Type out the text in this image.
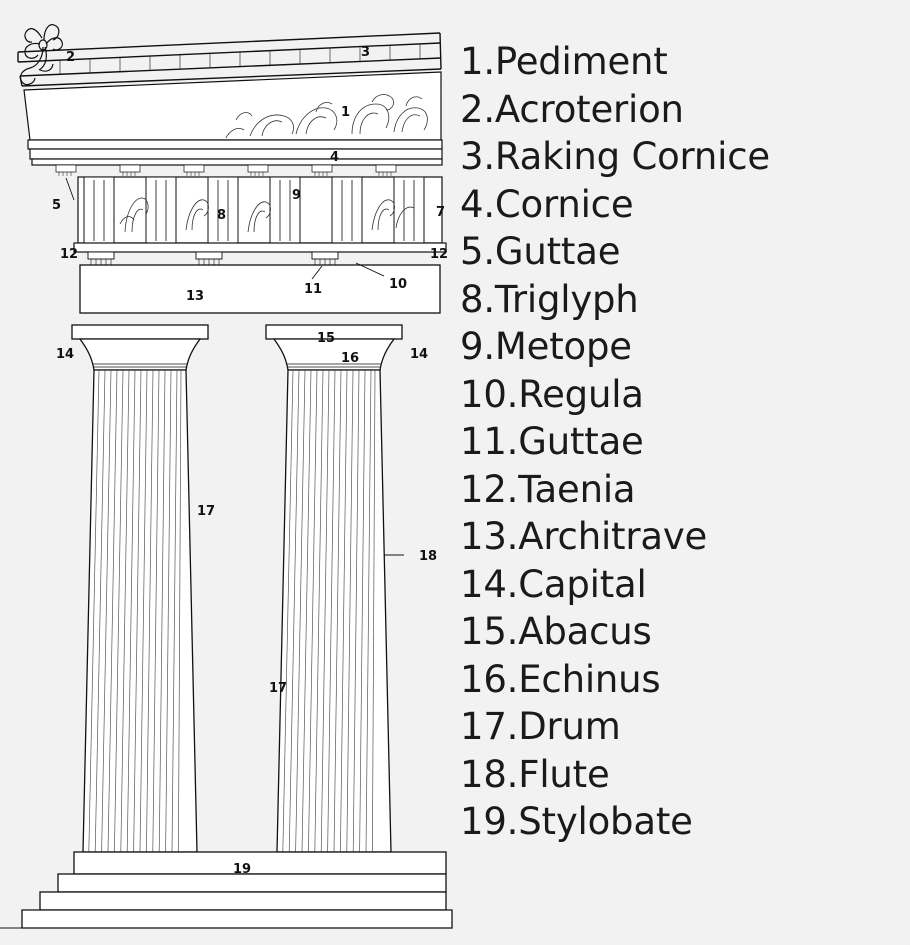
2	3
1
4
5
9
8	7
12	12
11	10
13
15
16
14	14
17
17
18
19
1.Pediment
2.Acroterion
3.Raking Cornice
4.Cornice
5.Guttae
8.Triglyph
9.Metope
10.Regula
11.Guttae
12.Taenia
13.Architrave
14.Capital
15.Abacus
16.Echinus
17.Drum
18.Flute
19.Stylobate
